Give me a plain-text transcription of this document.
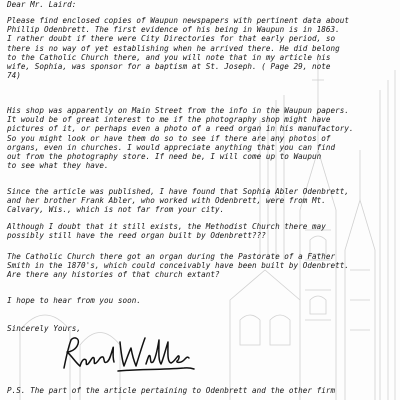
Dear Mr. Laird:
Please find enclosed copies of Waupun newspapers with pertinent data about
Phillip Odenbrett. The first evidence of his being in Waupun is in 1863.
I rather doubt if there were City Directories for that early period, so
there is no way of yet establishing when he arrived there. He did belong
to the Catholic Church there, and you will note that in my article his
wife, Sophia, was sponsor for a baptism at St. Joseph. ( Page 29, note
74)
His shop was apparently on Main Street from the info in the Waupun papers.
It would be of great interest to me if the photography shop might have
pictures of it, or perhaps even a photo of a reed organ in his manufactory.
So you might look or have them do so to see if there are any photos of
organs, even in churches. I would appreciate anything that you can find
out from the photography store. If need be, I will come up to Waupun
to see what they have.
Since the article was published, I have found that Sophia Abler Odenbrett,
and her brother Frank Abler, who worked with Odenbrett, were from Mt.
Calvary, Wis., which is not far from your city.
Although I doubt that it still exists, the Methodist Church there may
possibly still have the reed organ built by Odenbrett???
The Catholic Church there got an organ during the Pastorate of a Father
Smith in the 1870's, which could conceivably have been built by Odenbrett.
Are there any histories of that church extant?
I hope to hear from you soon.
Sincerely Yours,
P.S. The part of the article pertaining to Odenbrett and the other firm
